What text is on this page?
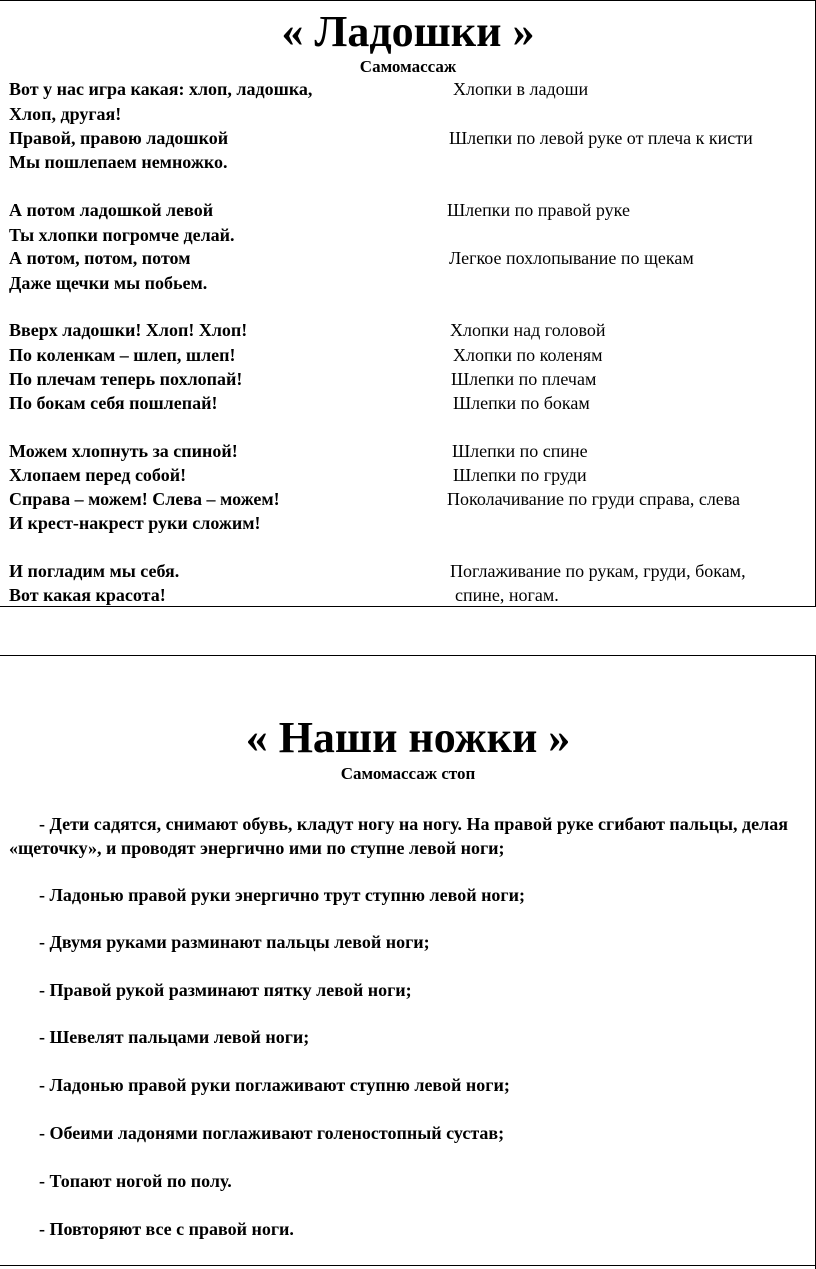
« Ладошки »
Самомассаж
Вот у нас игра какая: хлоп, ладошка,	Хлопки в ладоши
Хлоп, другая!
Правой, правою ладошкой	Шлепки по левой руке от плеча к кисти
Мы пошлепаем немножко.
А потом ладошкой левой	Шлепки по правой руке
Ты хлопки погромче делай.
А потом, потом, потом	Легкое похлопывание по щекам
Даже щечки мы побьем.
Вверх ладошки! Хлоп! Хлоп!	Хлопки над головой
По коленкам – шлеп, шлеп!	Хлопки по коленям
По плечам теперь похлопай!	Шлепки по плечам
По бокам себя пошлепай!	Шлепки по бокам
Можем хлопнуть за спиной!	Шлепки по спине
Хлопаем перед собой!	Шлепки по груди
Справа – можем! Слева – можем!	Поколачивание по груди справа, слева
И крест-накрест руки сложим!
И погладим мы себя.	Поглаживание по рукам, груди, бокам,
Вот какая красота!	спине, ногам.
« Наши ножки »
Самомассаж стоп
- Дети садятся, снимают обувь, кладут ногу на ногу. На правой руке сгибают пальцы, делая «щеточку», и проводят энергично ими по ступне левой ноги;
- Ладонью правой руки энергично трут ступню левой ноги;
- Двумя руками разминают пальцы левой ноги;
- Правой рукой разминают пятку левой ноги;
- Шевелят пальцами левой ноги;
- Ладонью правой руки поглаживают ступню левой ноги;
- Обеими ладонями поглаживают голеностопный сустав;
- Топают ногой по полу.
- Повторяют все с правой ноги.
